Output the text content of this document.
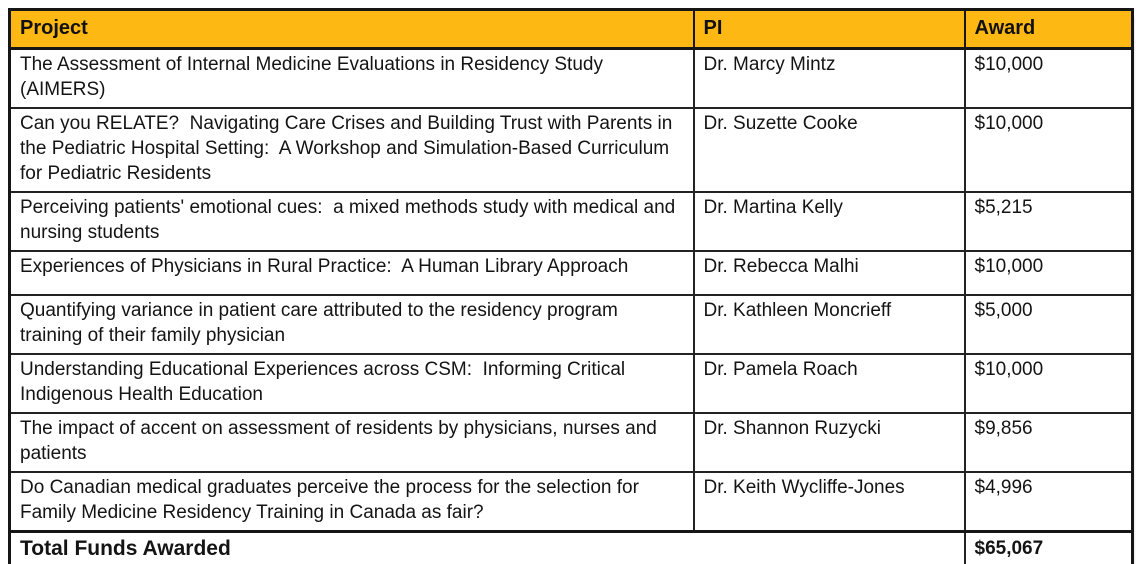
Project	PI	Award
The Assessment of Internal Medicine Evaluations in Residency Study (AIMERS)	Dr. Marcy Mintz	$10,000
Can you RELATE?  Navigating Care Crises and Building Trust with Parents in the Pediatric Hospital Setting:  A Workshop and Simulation-Based Curriculum for Pediatric Residents	Dr. Suzette Cooke	$10,000
Perceiving patients' emotional cues:  a mixed methods study with medical and nursing students	Dr. Martina Kelly	$5,215
Experiences of Physicians in Rural Practice:  A Human Library Approach	Dr. Rebecca Malhi	$10,000
Quantifying variance in patient care attributed to the residency program training of their family physician	Dr. Kathleen Moncrieff	$5,000
Understanding Educational Experiences across CSM:  Informing Critical Indigenous Health Education	Dr. Pamela Roach	$10,000
The impact of accent on assessment of residents by physicians, nurses and patients	Dr. Shannon Ruzycki	$9,856
Do Canadian medical graduates perceive the process for the selection for Family Medicine Residency Training in Canada as fair?	Dr. Keith Wycliffe-Jones	$4,996
Total Funds Awarded		$65,067
